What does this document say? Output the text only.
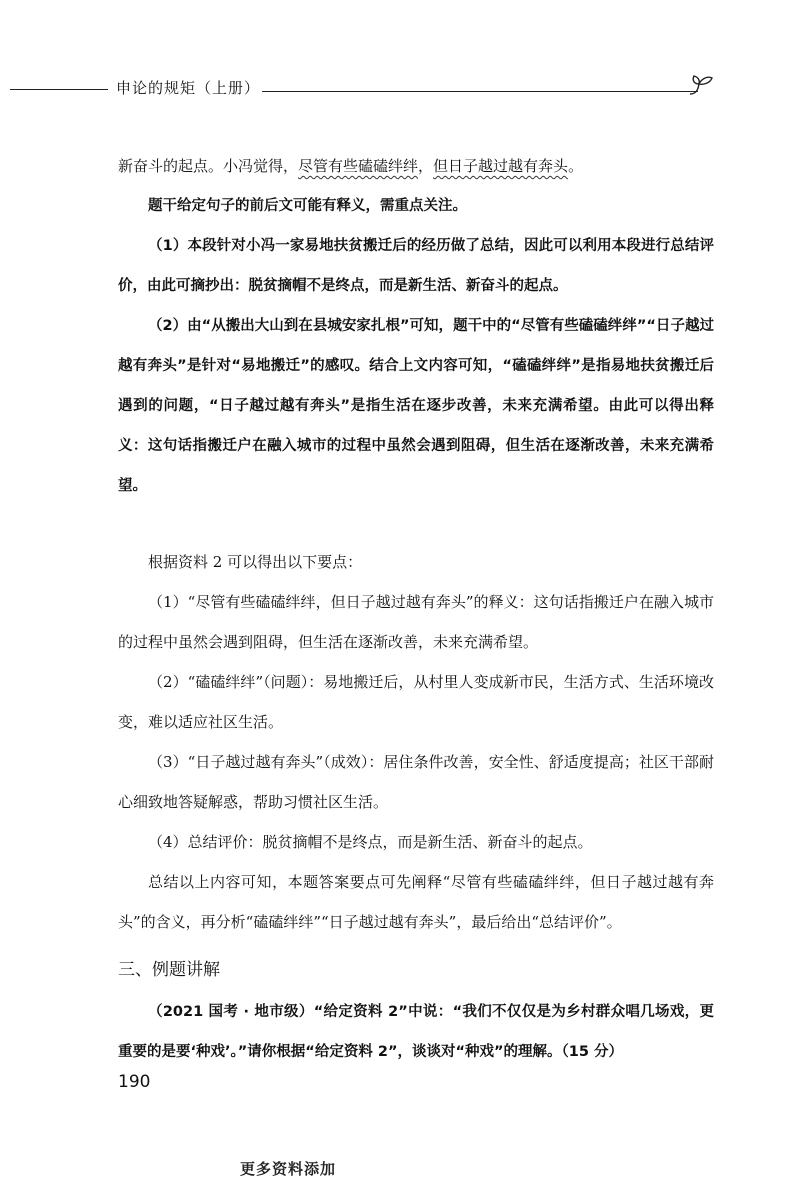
申论的规矩（上册）

新奋斗的起点。小冯觉得，尽管有些磕磕绊绊，但日子越过越有奔头。

题干给定句子的前后文可能有释义，需重点关注。

（1）本段针对小冯一家易地扶贫搬迁后的经历做了总结，因此可以利用本段进行总结评价，由此可摘抄出：脱贫摘帽不是终点，而是新生活、新奋斗的起点。

（2）由“从搬出大山到在县城安家扎根”可知，题干中的“尽管有些磕磕绊绊”“日子越过越有奔头”是针对“易地搬迁”的感叹。结合上文内容可知，“磕磕绊绊”是指易地扶贫搬迁后遇到的问题，“日子越过越有奔头”是指生活在逐步改善，未来充满希望。由此可以得出释义：这句话指搬迁户在融入城市的过程中虽然会遇到阻碍，但生活在逐渐改善，未来充满希望。

根据资料 2 可以得出以下要点：

（1）“尽管有些磕磕绊绊，但日子越过越有奔头”的释义：这句话指搬迁户在融入城市的过程中虽然会遇到阻碍，但生活在逐渐改善，未来充满希望。

（2）“磕磕绊绊”（问题）：易地搬迁后，从村里人变成新市民，生活方式、生活环境改变，难以适应社区生活。

（3）“日子越过越有奔头”（成效）：居住条件改善，安全性、舒适度提高；社区干部耐心细致地答疑解惑，帮助习惯社区生活。

（4）总结评价：脱贫摘帽不是终点，而是新生活、新奋斗的起点。

总结以上内容可知，本题答案要点可先阐释“尽管有些磕磕绊绊，但日子越过越有奔头”的含义，再分析“磕磕绊绊”“日子越过越有奔头”，最后给出“总结评价”。

三、例题讲解

（2021 国考 · 地市级）“给定资料 2”中说：“我们不仅仅是为乡村群众唱几场戏，更重要的是要‘种戏’。”请你根据“给定资料 2”，谈谈对“种戏”的理解。（15 分）

190
更多资料添加
